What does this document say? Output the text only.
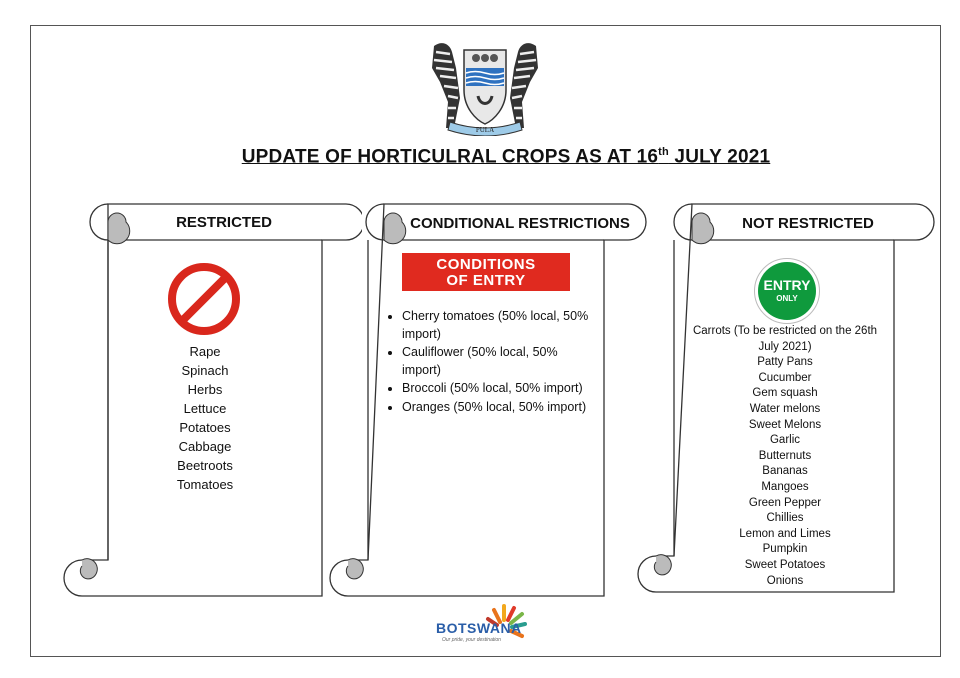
PULA
UPDATE OF HORTICULRAL CROPS AS AT 16th JULY 2021
RESTRICTED
Rape
Spinach
Herbs
Lettuce
Potatoes
Cabbage
Beetroots
Tomatoes
CONDITIONAL RESTRICTIONS
CONDITIONS
OF ENTRY
• Cherry tomatoes (50% local, 50% import)
• Cauliflower (50% local, 50% import)
• Broccoli (50% local, 50% import)
• Oranges (50% local, 50% import)
NOT RESTRICTED
ENTRY
ONLY
Carrots (To be restricted on the 26th
July 2021)
Patty Pans
Cucumber
Gem squash
Water melons
Sweet Melons
Garlic
Butternuts
Bananas
Mangoes
Green Pepper
Chillies
Lemon and Limes
Pumpkin
Sweet Potatoes
Onions
BOTSWANA
Our pride, your destination
